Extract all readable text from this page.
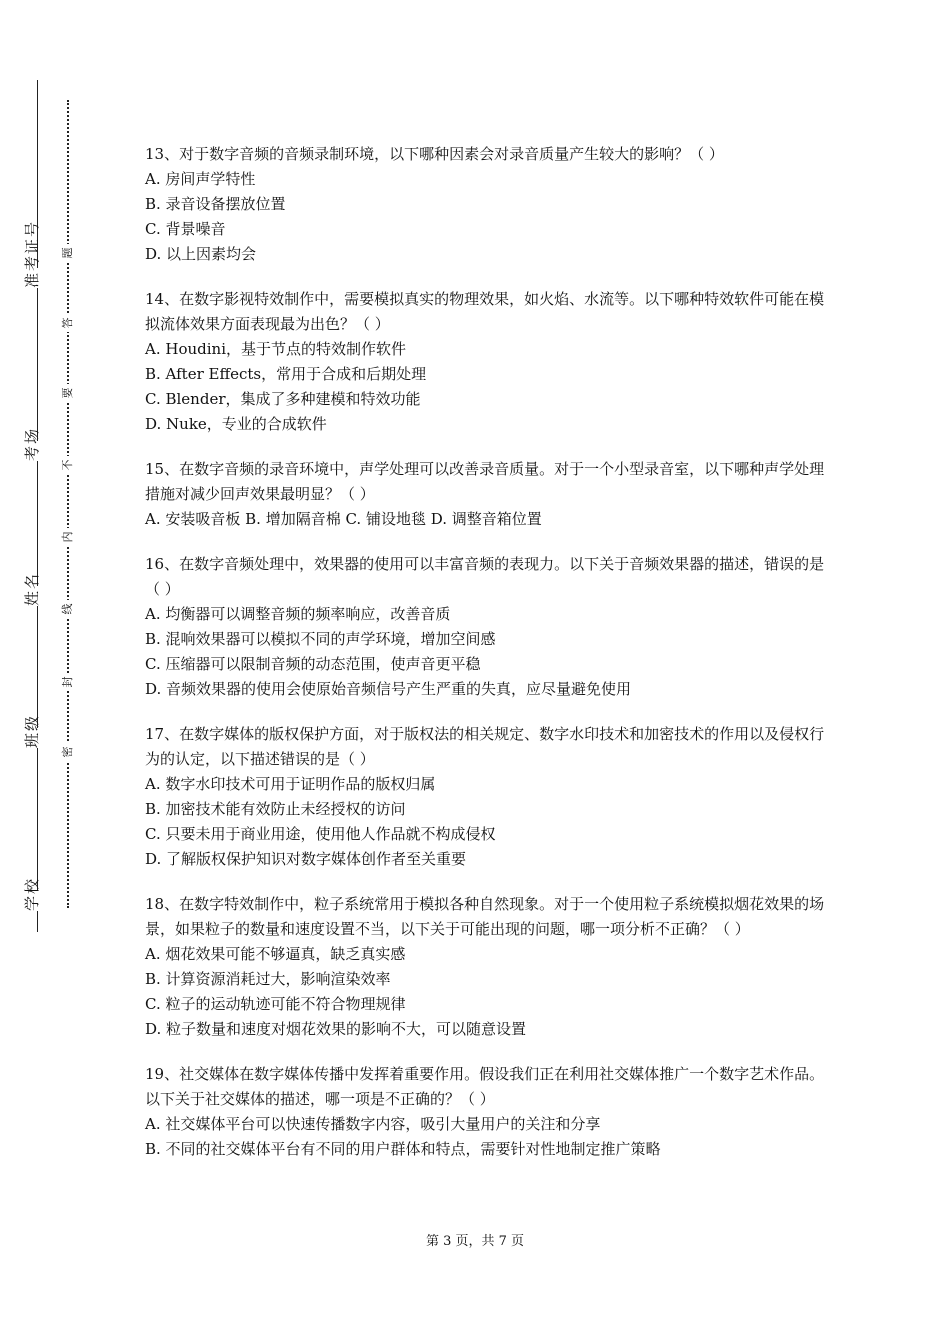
准考证号
考场
姓名
班级
学校
题
答
要
不
内
线
封
密

13、对于数字音频的音频录制环境，以下哪种因素会对录音质量产生较大的影响？（ ）

A. 房间声学特性

B. 录音设备摆放位置

C. 背景噪音

D. 以上因素均会

14、在数字影视特效制作中，需要模拟真实的物理效果，如火焰、水流等。以下哪种特效软件可能在模拟流体效果方面表现最为出色？（ ）

A. Houdini，基于节点的特效制作软件

B. After Effects，常用于合成和后期处理

C. Blender，集成了多种建模和特效功能

D. Nuke，专业的合成软件

15、在数字音频的录音环境中，声学处理可以改善录音质量。对于一个小型录音室，以下哪种声学处理措施对减少回声效果最明显？（ ）

A. 安装吸音板 B. 增加隔音棉 C. 铺设地毯 D. 调整音箱位置

16、在数字音频处理中，效果器的使用可以丰富音频的表现力。以下关于音频效果器的描述，错误的是（ ）

A. 均衡器可以调整音频的频率响应，改善音质

B. 混响效果器可以模拟不同的声学环境，增加空间感

C. 压缩器可以限制音频的动态范围，使声音更平稳

D. 音频效果器的使用会使原始音频信号产生严重的失真，应尽量避免使用

17、在数字媒体的版权保护方面，对于版权法的相关规定、数字水印技术和加密技术的作用以及侵权行为的认定，以下描述错误的是（ ）

A. 数字水印技术可用于证明作品的版权归属

B. 加密技术能有效防止未经授权的访问

C. 只要未用于商业用途，使用他人作品就不构成侵权

D. 了解版权保护知识对数字媒体创作者至关重要

18、在数字特效制作中，粒子系统常用于模拟各种自然现象。对于一个使用粒子系统模拟烟花效果的场景，如果粒子的数量和速度设置不当，以下关于可能出现的问题，哪一项分析不正确？（ ）

A. 烟花效果可能不够逼真，缺乏真实感

B. 计算资源消耗过大，影响渲染效率

C. 粒子的运动轨迹可能不符合物理规律

D. 粒子数量和速度对烟花效果的影响不大，可以随意设置

19、社交媒体在数字媒体传播中发挥着重要作用。假设我们正在利用社交媒体推广一个数字艺术作品。以下关于社交媒体的描述，哪一项是不正确的？（ ）

A. 社交媒体平台可以快速传播数字内容，吸引大量用户的关注和分享

B. 不同的社交媒体平台有不同的用户群体和特点，需要针对性地制定推广策略

第 3 页，共 7 页
